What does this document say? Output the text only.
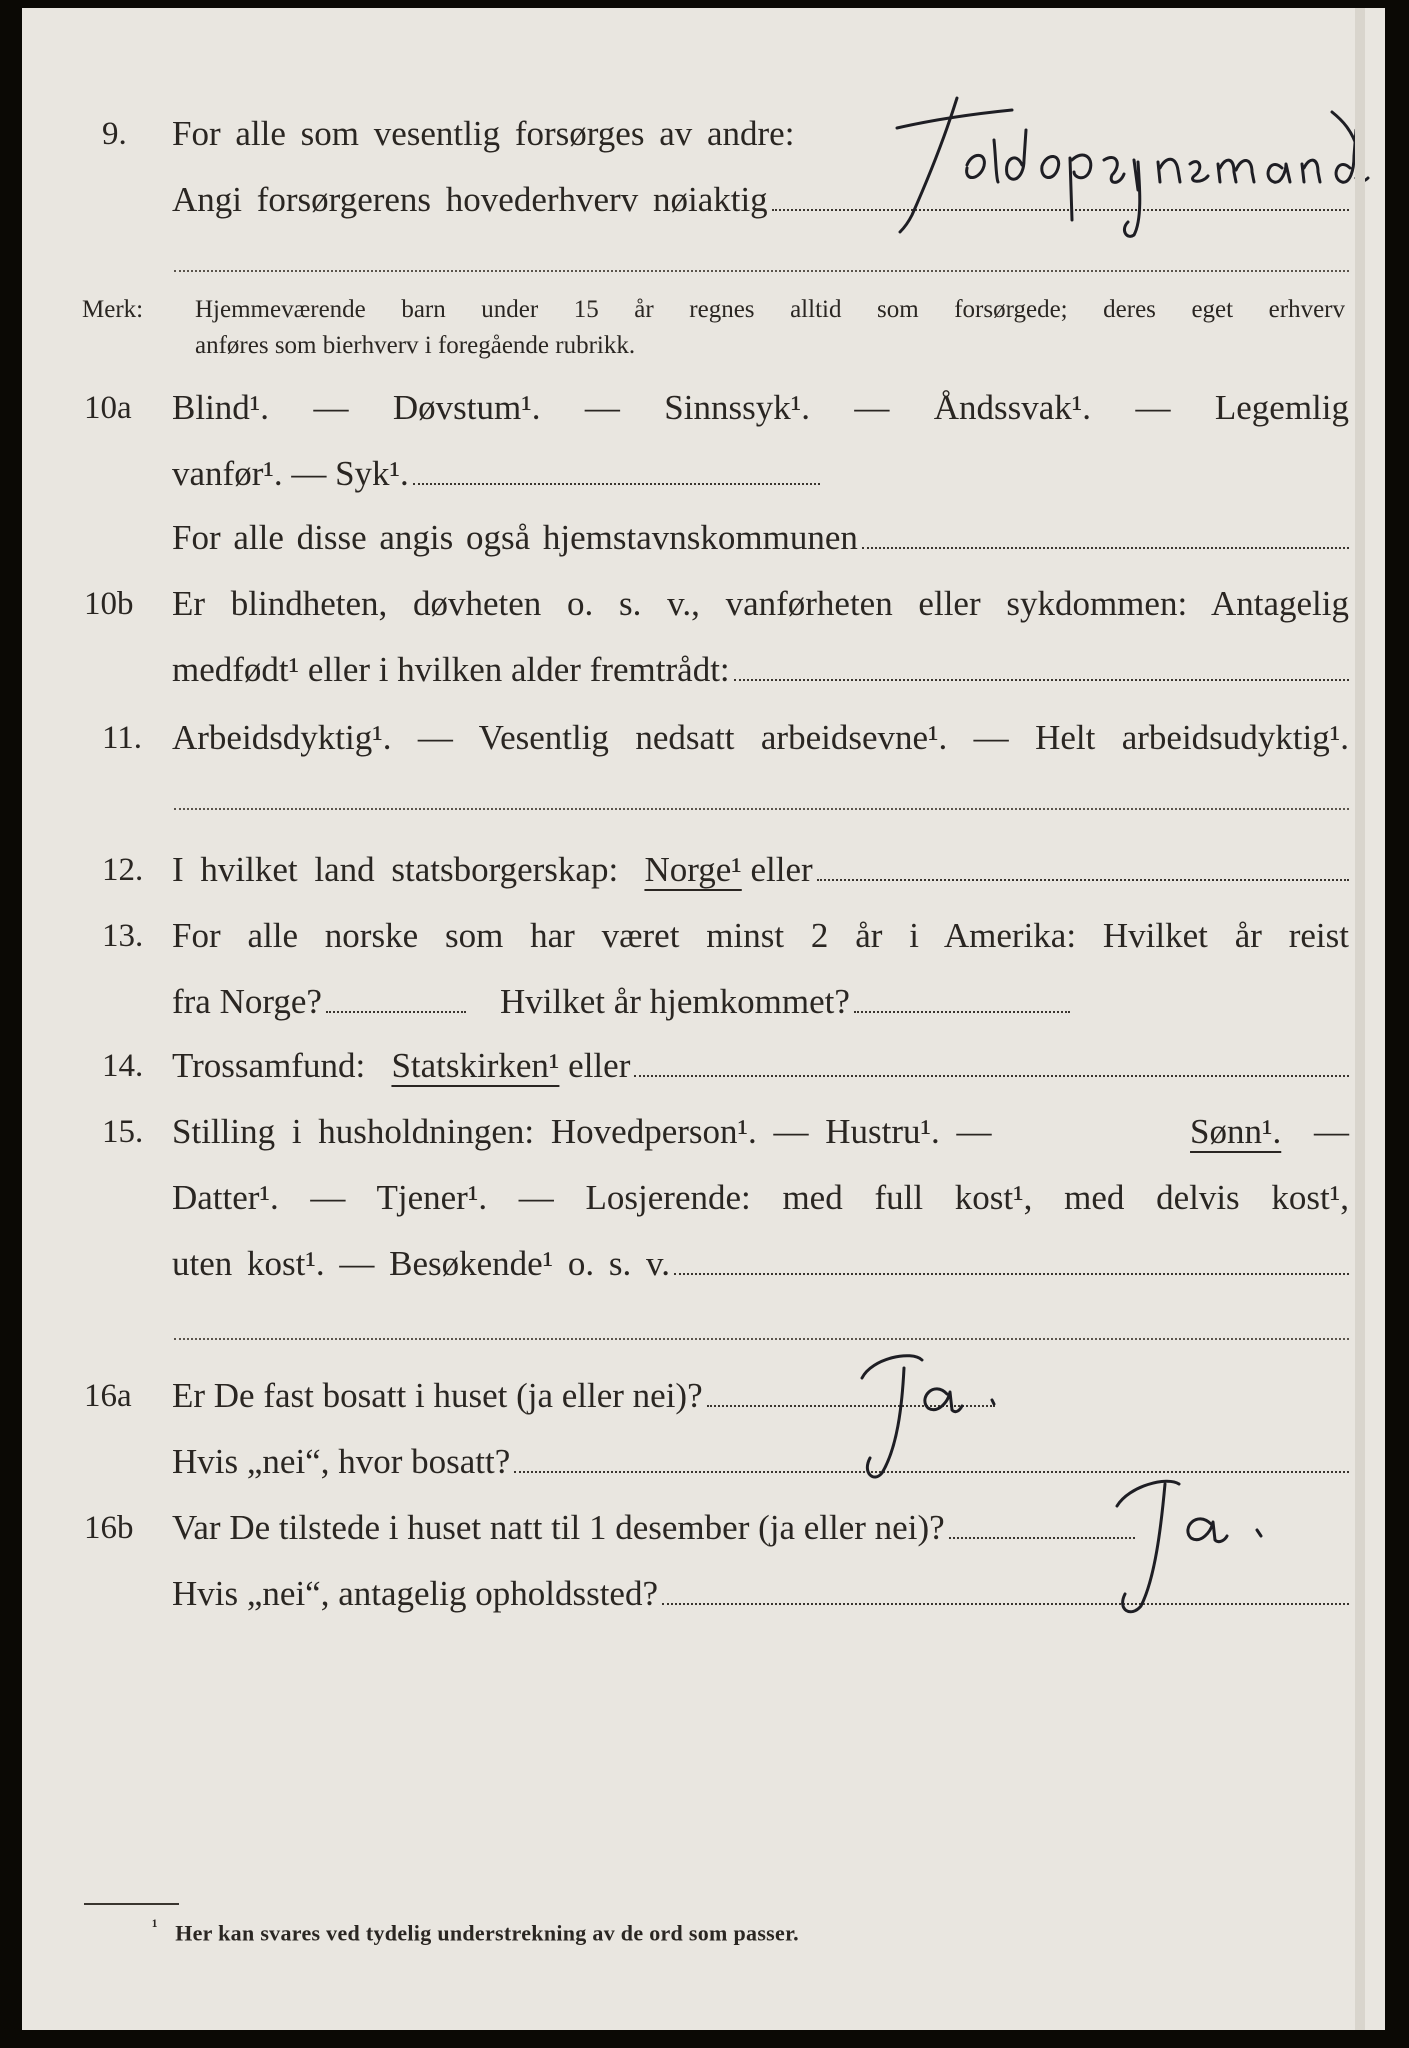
9. For alle som vesentlig forsørges av andre:
Angi forsørgerens hovederhverv nøiaktig
Merk: Hjemmeværende barn under 15 år regnes alltid som forsørgede; deres eget erhverv
anføres som bierhverv i foregående rubrikk.
10a Blind¹. — Døvstum¹. — Sinnssyk¹. — Åndssvak¹. — Legemlig
vanfør¹. — Syk¹.
For alle disse angis også hjemstavnskommunen
10b Er blindheten, døvheten o. s. v., vanførheten eller sykdommen: Antagelig
medfødt¹ eller i hvilken alder fremtrådt:
11. Arbeidsdyktig¹. — Vesentlig nedsatt arbeidsevne¹. — Helt arbeidsudyktig¹.
12. I hvilket land statsborgerskap:
Norge¹
eller
13. For alle norske som har været minst 2 år i Amerika: Hvilket år reist
fra Norge?	Hvilket år hjemkommet?
14. Trossamfund:
Statskirken¹
eller
15. Stilling i husholdningen: Hovedperson¹. — Hustru¹. —	Sønn¹. —
Datter¹. — Tjener¹. — Losjerende: med full kost¹, med delvis kost¹,
uten kost¹. — Besøkende¹ o. s. v.
16a Er De fast bosatt i huset (ja eller nei)?
Hvis „nei“, hvor bosatt?
16b Var De tilstede i huset natt til 1 desember (ja eller nei)?
Hvis „nei“, antagelig opholdssted?
$^{^1}$ Her kan svares ved tydelig understrekning av de ord som passer.
